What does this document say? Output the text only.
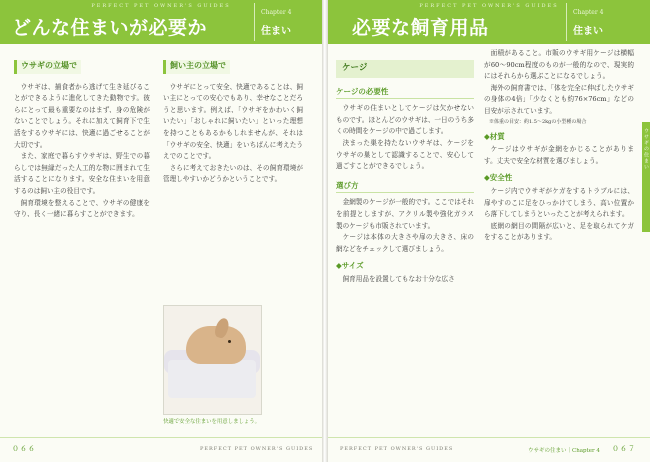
PERFECT PET OWNER'S GUIDES
どんな住まいが必要か
Chapter 4
住まい
ウサギの立場で

ウサギは、捕食者から逃げて生き延びることができるように進化してきた動物です。彼らにとって最も重要なのはまず、身の危険がないことでしょう。それに加えて飼育下で生活をするウサギには、快適に過ごせることが大切です。

また、家庭で暮らすウサギは、野生での暮らしでは無縁だった人工的な物に囲まれて生活することになります。安全な住まいを用意するのは飼い主の役目です。

飼育環境を整えることで、ウサギの健康を守り、長く一緒に暮らすことができます。

飼い主の立場で

ウサギにとって安全、快適であることは、飼い主にとっての安心でもあり、幸せなことだろうと思います。例えば、「ウサギをかわいく飼いたい」「おしゃれに飼いたい」といった理想を持つこともあるかもしれませんが、それは「ウサギの安全、快適」をいちばんに考えたうえでのことです。

さらに考えておきたいのは、その飼育環境が管理しやすいかどうかということです。

快適で安全な住まいを用意しましょう。
０６６	PERFECT PET OWNER'S GUIDES
PERFECT PET OWNER'S GUIDES
必要な飼育用品
Chapter 4
住まい
ケージ
ケージの必要性

ウサギの住まいとしてケージは欠かせないものです。ほとんどのウサギは、一日のうち多くの時間をケージの中で過ごします。

決まった巣を持たないウサギは、ケージをウサギの巣として認識することで、安心して過ごすことができるでしょう。

選び方

金網製のケージが一般的です。ここではそれを前提としますが、アクリル製や強化ガラス製のケージも市販されています。

ケージは本体の大きさや扉の大きさ、床の網などをチェックして選びましょう。

◆サイズ

飼育用品を設置してもなお十分な広さ

面積があること。市販のウサギ用ケージは横幅が60〜90cm程度のものが一般的なので、現実的にはそれらから選ぶことになるでしょう。

海外の飼育書では、「体を完全に伸ばしたウサギの身体の4倍」「少なくとも約76×76cm」などの目安が示されています。

※体重の目安：約1.5〜2kgの小型種の場合

◆材質

ケージはウサギが金網をかじることがあります。丈夫で安全な材質を選びましょう。

◆安全性

ケージ内でウサギがケガをするトラブルには、扉やすのこに足をひっかけてしまう、高い位置から落下してしまうといったことが考えられます。

底網の網目の間隔が広いと、足を取られてケガをすることがあります。

ウサギの住まい
PERFECT PET OWNER'S GUIDES	ウサギの住まい｜Chapter 4 ０６７
